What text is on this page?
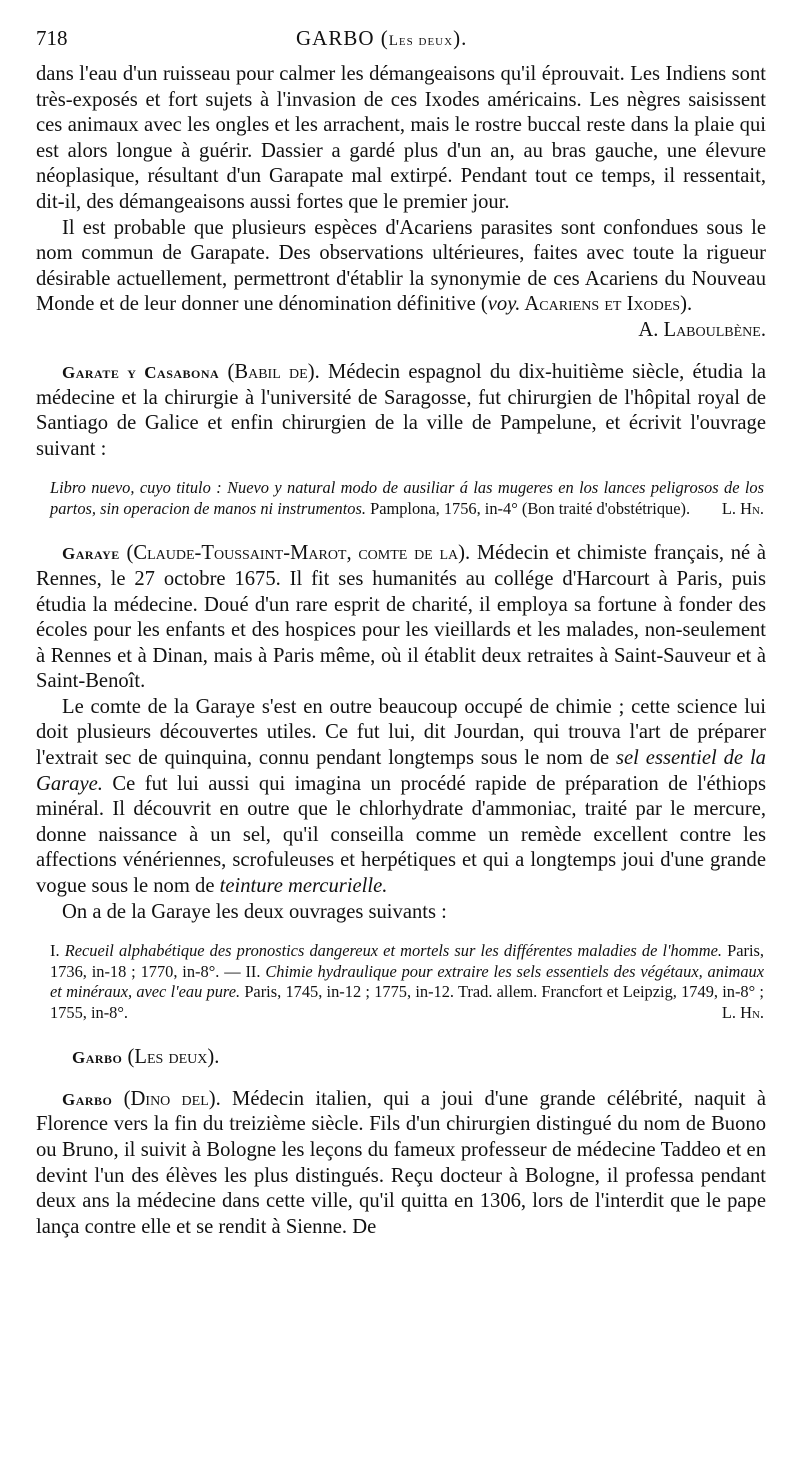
718	GARBO (Les deux).

dans l'eau d'un ruisseau pour calmer les démangeaisons qu'il éprouvait. Les Indiens sont très-exposés et fort sujets à l'invasion de ces Ixodes américains. Les nègres saisissent ces animaux avec les ongles et les arrachent, mais le rostre buccal reste dans la plaie qui est alors longue à guérir. Dassier a gardé plus d'un an, au bras gauche, une élevure néoplasique, résultant d'un Garapate mal extirpé. Pendant tout ce temps, il ressentait, dit-il, des démangeaisons aussi fortes que le premier jour.

Il est probable que plusieurs espèces d'Acariens parasites sont confondues sous le nom commun de Garapate. Des observations ultérieures, faites avec toute la rigueur désirable actuellement, permettront d'établir la synonymie de ces Acariens du Nouveau Monde et de leur donner une dénomination définitive (voy. Acariens et Ixodes).
A. Laboulbène.

Garate y Casabona (Babil de). Médecin espagnol du dix-huitième siècle, étudia la médecine et la chirurgie à l'université de Saragosse, fut chirurgien de l'hôpital royal de Santiago de Galice et enfin chirurgien de la ville de Pampelune, et écrivit l'ouvrage suivant :

Libro nuevo, cuyo titulo : Nuevo y natural modo de ausiliar á las mugeres en los lances peligrosos de los partos, sin operacion de manos ni instrumentos. Pamplona, 1756, in-4° (Bon traité d'obstétrique). L. Hn.

Garaye (Claude-Toussaint-Marot, comte de la). Médecin et chimiste français, né à Rennes, le 27 octobre 1675. Il fit ses humanités au collége d'Harcourt à Paris, puis étudia la médecine. Doué d'un rare esprit de charité, il employa sa fortune à fonder des écoles pour les enfants et des hospices pour les vieillards et les malades, non-seulement à Rennes et à Dinan, mais à Paris même, où il établit deux retraites à Saint-Sauveur et à Saint-Benoît.

Le comte de la Garaye s'est en outre beaucoup occupé de chimie ; cette science lui doit plusieurs découvertes utiles. Ce fut lui, dit Jourdan, qui trouva l'art de préparer l'extrait sec de quinquina, connu pendant longtemps sous le nom de sel essentiel de la Garaye. Ce fut lui aussi qui imagina un procédé rapide de préparation de l'éthiops minéral. Il découvrit en outre que le chlorhydrate d'ammoniac, traité par le mercure, donne naissance à un sel, qu'il conseilla comme un remède excellent contre les affections vénériennes, scrofuleuses et herpétiques et qui a longtemps joui d'une grande vogue sous le nom de teinture mercurielle.

On a de la Garaye les deux ouvrages suivants :

I. Recueil alphabétique des pronostics dangereux et mortels sur les différentes maladies de l'homme. Paris, 1736, in-18 ; 1770, in-8°. — II. Chimie hydraulique pour extraire les sels essentiels des végétaux, animaux et minéraux, avec l'eau pure. Paris, 1745, in-12 ; 1775, in-12. Trad. allem. Francfort et Leipzig, 1749, in-8° ; 1755, in-8°.	L. Hn.
Garbo (Les deux).

Garbo (Dino del). Médecin italien, qui a joui d'une grande célébrité, naquit à Florence vers la fin du treizième siècle. Fils d'un chirurgien distingué du nom de Buono ou Bruno, il suivit à Bologne les leçons du fameux professeur de médecine Taddeo et en devint l'un des élèves les plus distingués. Reçu docteur à Bologne, il professa pendant deux ans la médecine dans cette ville, qu'il quitta en 1306, lors de l'interdit que le pape lança contre elle et se rendit à Sienne. De
